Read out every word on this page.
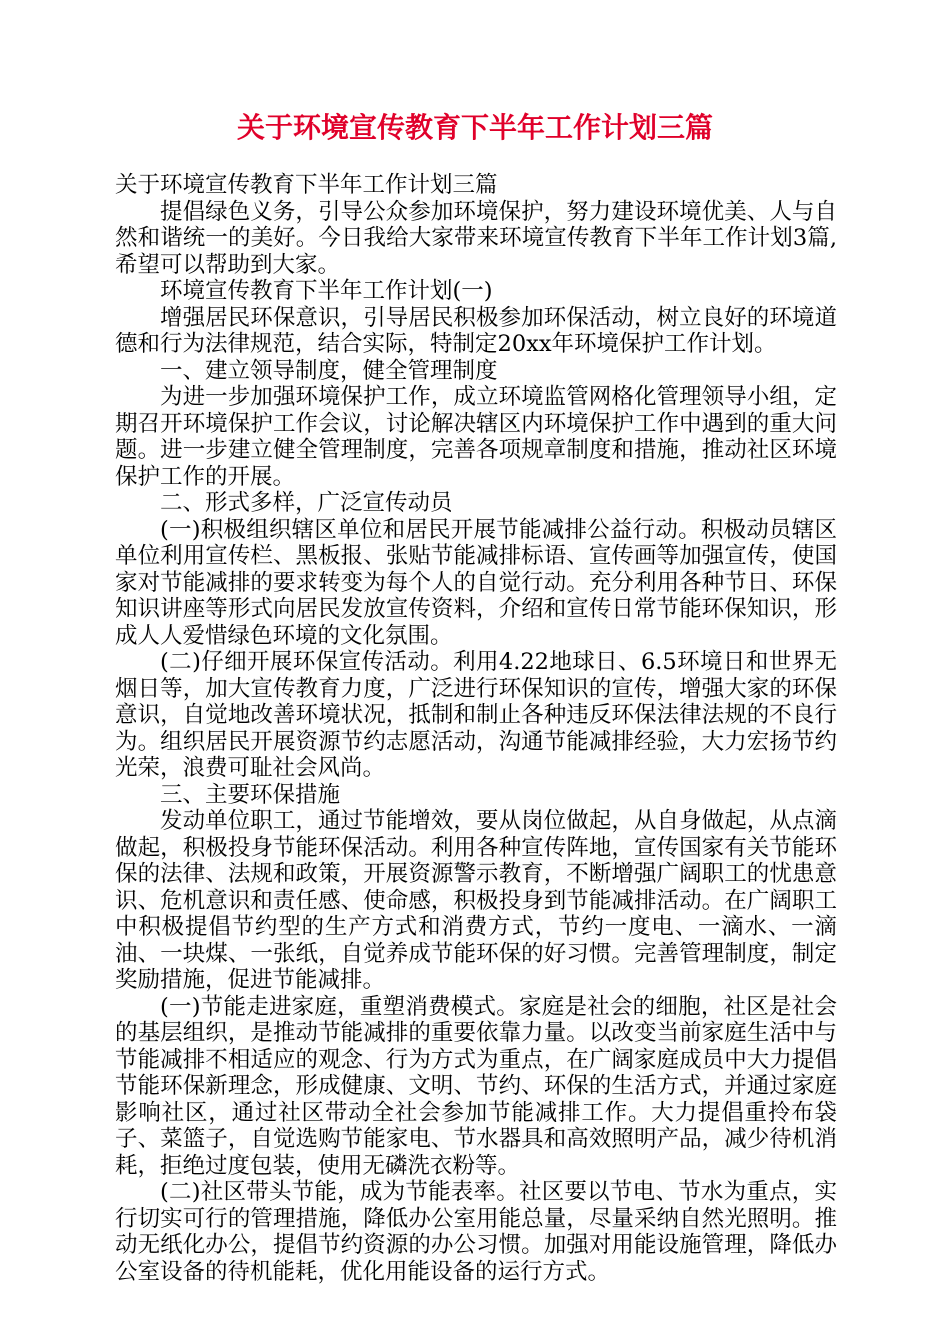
关于环境宣传教育下半年工作计划三篇

关于环境宣传教育下半年工作计划三篇

提倡绿色义务，引导公众参加环境保护，努力建设环境优美、人与自然和谐统一的美好。今日我给大家带来环境宣传教育下半年工作计划3篇,希望可以帮助到大家。

环境宣传教育下半年工作计划(一)

增强居民环保意识，引导居民积极参加环保活动，树立良好的环境道德和行为法律规范，结合实际，特制定20xx年环境保护工作计划。

一、建立领导制度，健全管理制度

为进一步加强环境保护工作，成立环境监管网格化管理领导小组，定期召开环境保护工作会议，讨论解决辖区内环境保护工作中遇到的重大问题。进一步建立健全管理制度，完善各项规章制度和措施，推动社区环境保护工作的开展。

二、形式多样，广泛宣传动员

(一)积极组织辖区单位和居民开展节能减排公益行动。积极动员辖区单位利用宣传栏、黑板报、张贴节能减排标语、宣传画等加强宣传，使国家对节能减排的要求转变为每个人的自觉行动。充分利用各种节日、环保知识讲座等形式向居民发放宣传资料，介绍和宣传日常节能环保知识，形成人人爱惜绿色环境的文化氛围。

(二)仔细开展环保宣传活动。利用4.22地球日、6.5环境日和世界无烟日等，加大宣传教育力度，广泛进行环保知识的宣传，增强大家的环保意识，自觉地改善环境状况，抵制和制止各种违反环保法律法规的不良行为。组织居民开展资源节约志愿活动，沟通节能减排经验，大力宏扬节约光荣，浪费可耻社会风尚。

三、主要环保措施

发动单位职工，通过节能增效，要从岗位做起，从自身做起，从点滴做起，积极投身节能环保活动。利用各种宣传阵地，宣传国家有关节能环保的法律、法规和政策，开展资源警示教育，不断增强广阔职工的忧患意识、危机意识和责任感、使命感，积极投身到节能减排活动。在广阔职工中积极提倡节约型的生产方式和消费方式，节约一度电、一滴水、一滴油、一块煤、一张纸，自觉养成节能环保的好习惯。完善管理制度，制定奖励措施，促进节能减排。

(一)节能走进家庭，重塑消费模式。家庭是社会的细胞，社区是社会的基层组织，是推动节能减排的重要依靠力量。以改变当前家庭生活中与节能减排不相适应的观念、行为方式为重点，在广阔家庭成员中大力提倡节能环保新理念，形成健康、文明、节约、环保的生活方式，并通过家庭影响社区，通过社区带动全社会参加节能减排工作。大力提倡重拎布袋子、菜篮子，自觉选购节能家电、节水器具和高效照明产品，减少待机消耗，拒绝过度包装，使用无磷洗衣粉等。

(二)社区带头节能，成为节能表率。社区要以节电、节水为重点，实行切实可行的管理措施，降低办公室用能总量，尽量采纳自然光照明。推动无纸化办公，提倡节约资源的办公习惯。加强对用能设施管理，降低办公室设备的待机能耗，优化用能设备的运行方式。
